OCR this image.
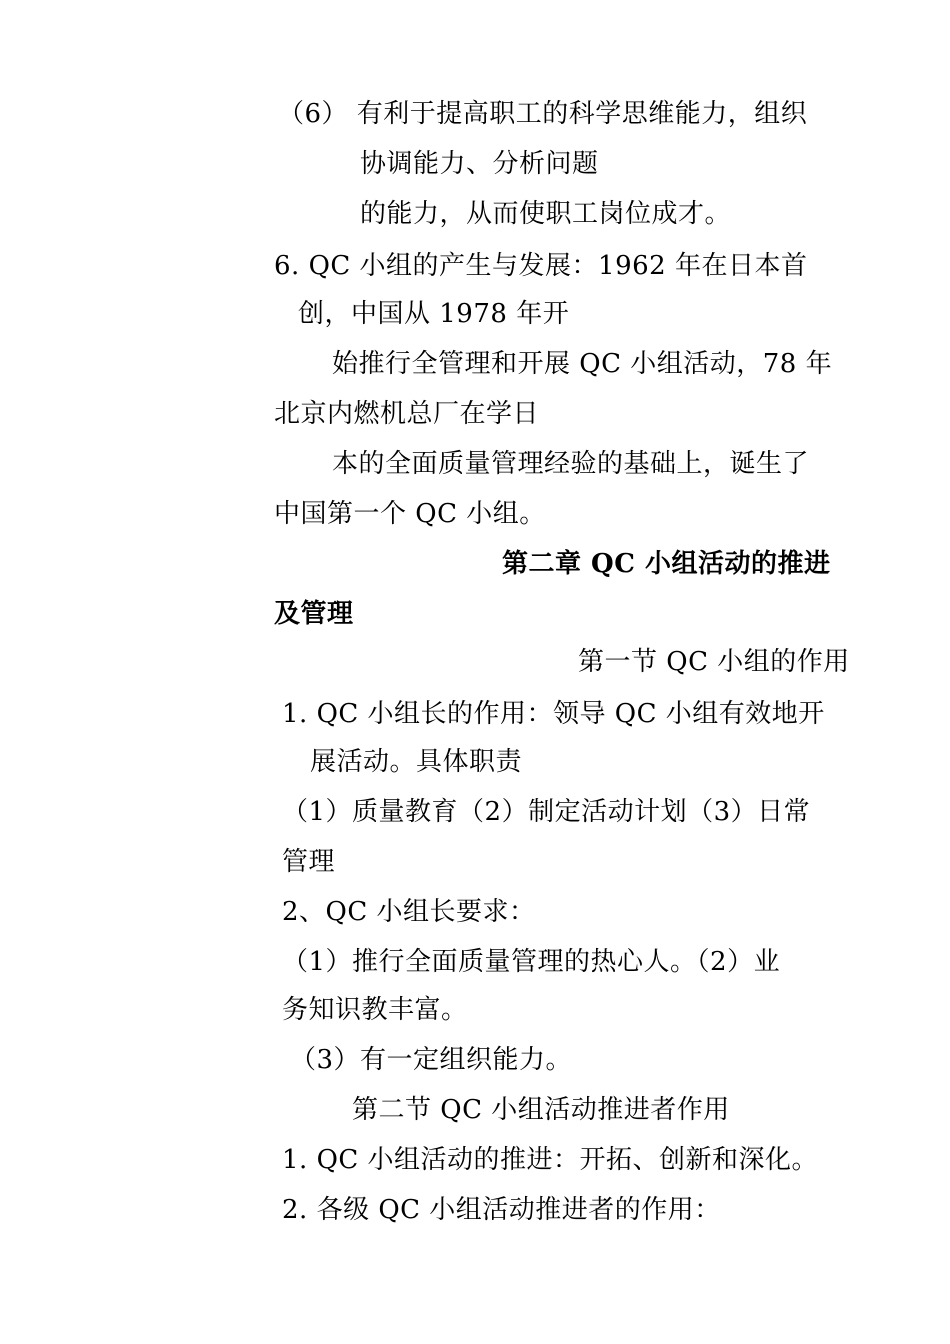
（6） 有利于提高职工的科学思维能力，组织
协调能力、分析问题
的能力，从而使职工岗位成才。
6. QC 小组的产生与发展：1962 年在日本首
创，中国从 1978 年开
始推行全管理和开展 QC 小组活动，78 年
北京内燃机总厂在学日
本的全面质量管理经验的基础上，诞生了
中国第一个 QC 小组。
第二章 QC 小组活动的推进
及管理
第一节 QC 小组的作用
1. QC 小组长的作用：领导 QC 小组有效地开
展活动。具体职责
（1）质量教育（2）制定活动计划（3）日常
管理
2、QC 小组长要求：
（1）推行全面质量管理的热心人。（2）业
务知识教丰富。
（3）有一定组织能力。
第二节 QC 小组活动推进者作用
1. QC 小组活动的推进：开拓、创新和深化。
2. 各级 QC 小组活动推进者的作用：
